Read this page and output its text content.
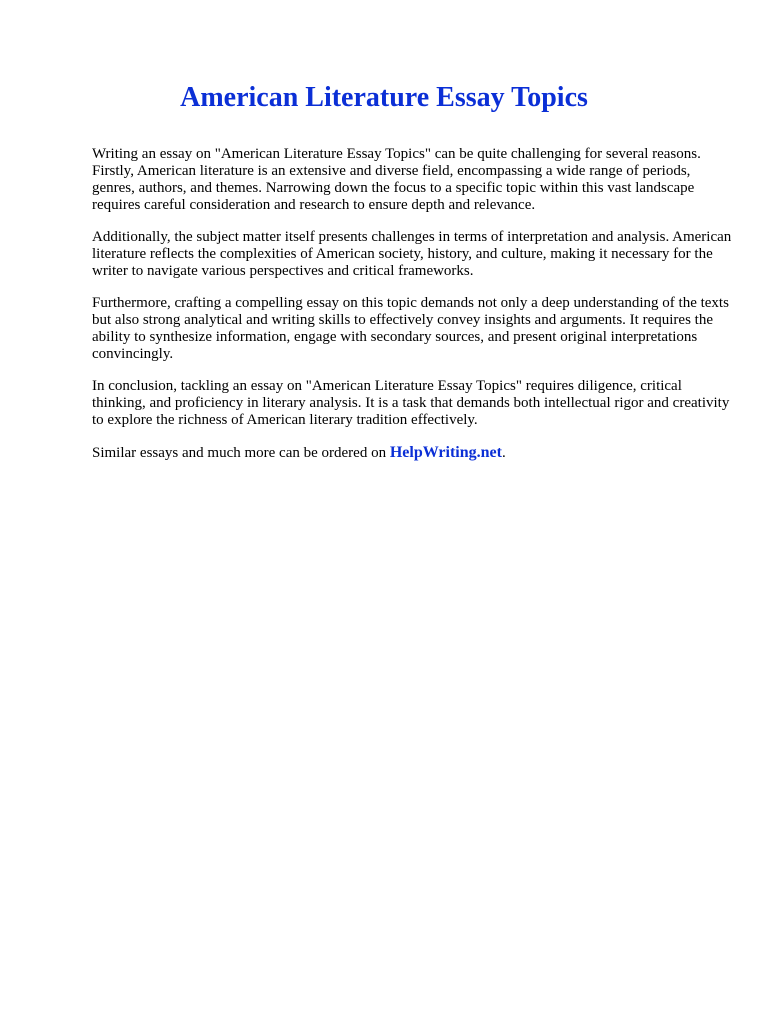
American Literature Essay Topics

Writing an essay on "American Literature Essay Topics" can be quite challenging for several reasons. Firstly, American literature is an extensive and diverse field, encompassing a wide range of periods, genres, authors, and themes. Narrowing down the focus to a specific topic within this vast landscape requires careful consideration and research to ensure depth and relevance.

Additionally, the subject matter itself presents challenges in terms of interpretation and analysis. American literature reflects the complexities of American society, history, and culture, making it necessary for the writer to navigate various perspectives and critical frameworks.

Furthermore, crafting a compelling essay on this topic demands not only a deep understanding of the texts but also strong analytical and writing skills to effectively convey insights and arguments. It requires the ability to synthesize information, engage with secondary sources, and present original interpretations convincingly.

In conclusion, tackling an essay on "American Literature Essay Topics" requires diligence, critical thinking, and proficiency in literary analysis. It is a task that demands both intellectual rigor and creativity to explore the richness of American literary tradition effectively.

Similar essays and much more can be ordered on HelpWriting.net.
